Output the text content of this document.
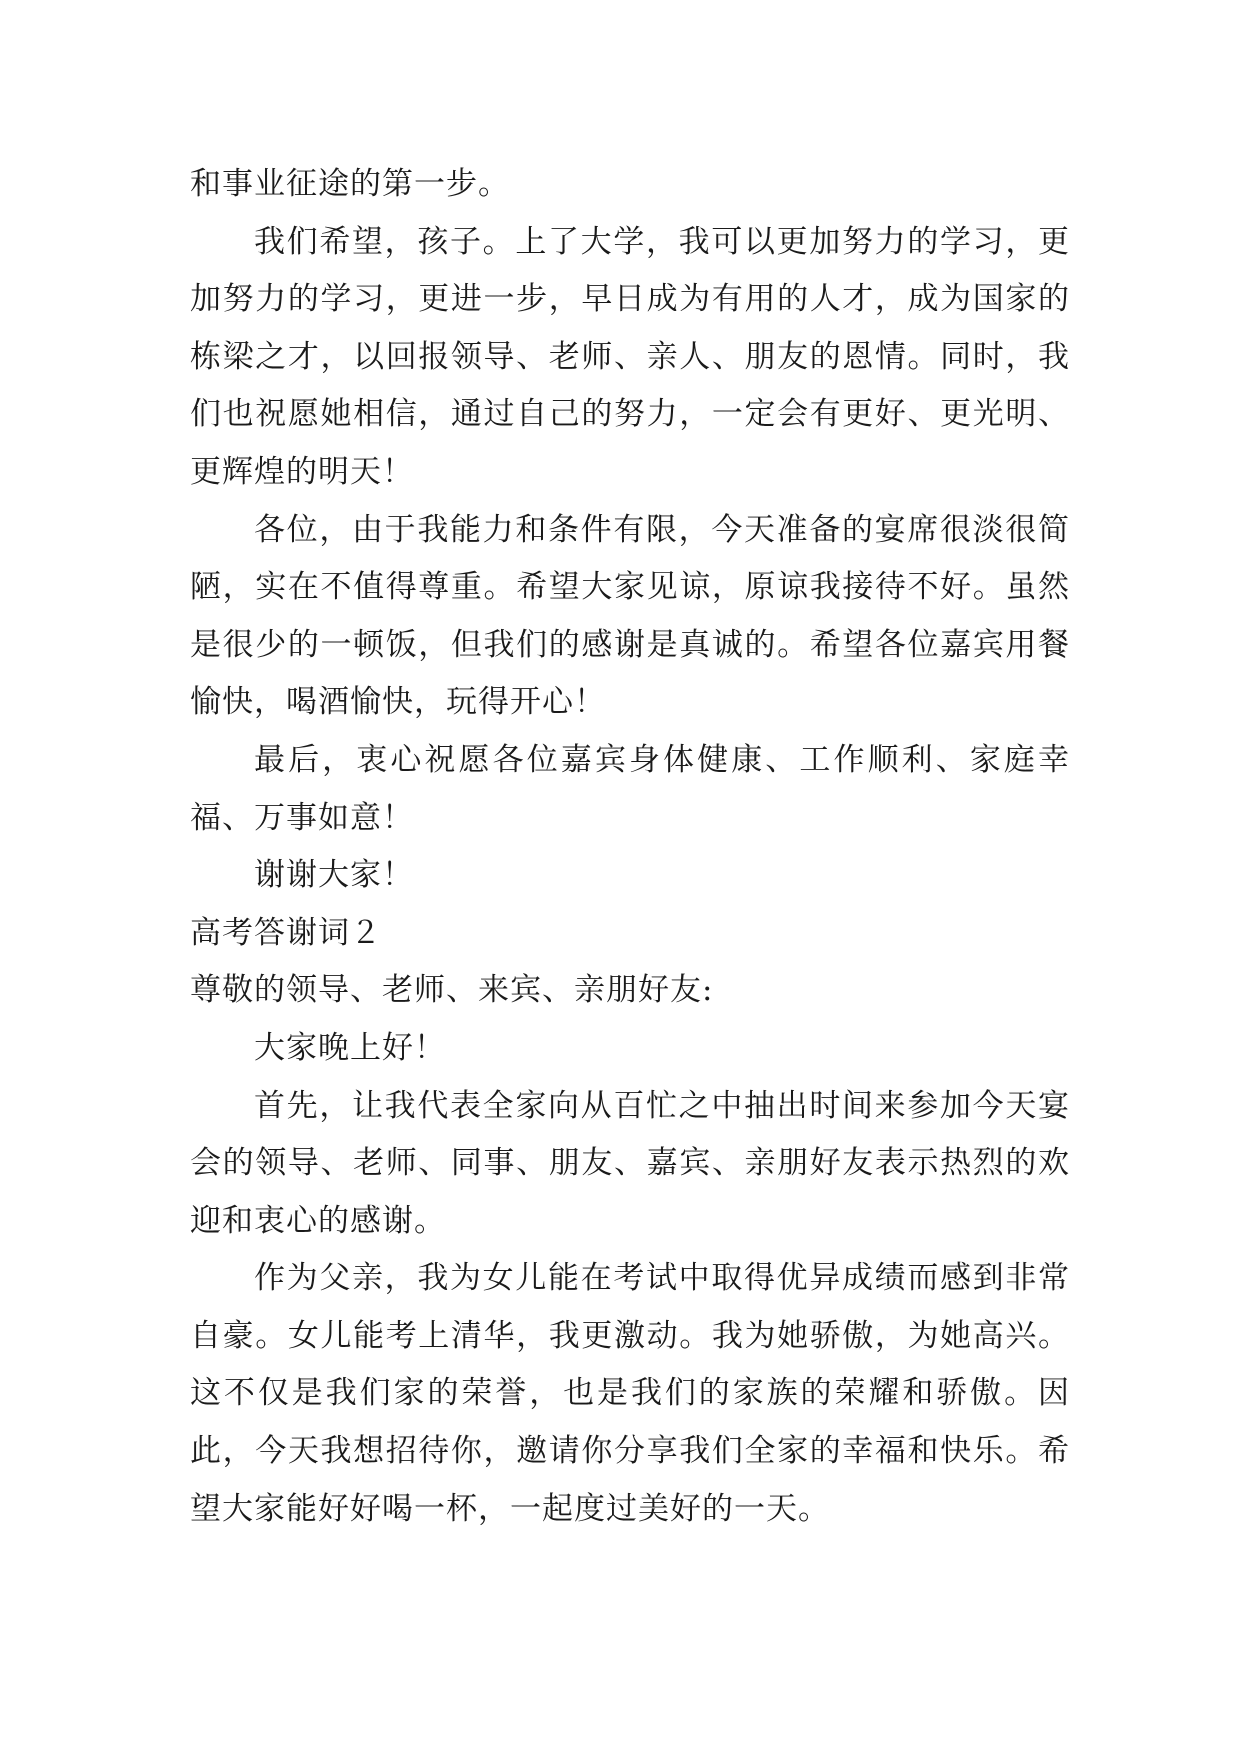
和事业征途的第一步。

我们希望，孩子。上了大学，我可以更加努力的学习，更加努力的学习，更进一步，早日成为有用的人才，成为国家的栋梁之才，以回报领导、老师、亲人、朋友的恩情。同时，我们也祝愿她相信，通过自己的努力，一定会有更好、更光明、更辉煌的明天！

各位，由于我能力和条件有限，今天准备的宴席很淡很简陋，实在不值得尊重。希望大家见谅，原谅我接待不好。虽然是很少的一顿饭，但我们的感谢是真诚的。希望各位嘉宾用餐愉快，喝酒愉快，玩得开心！

最后，衷心祝愿各位嘉宾身体健康、工作顺利、家庭幸福、万事如意！

谢谢大家！

高考答谢词２

尊敬的领导、老师、来宾、亲朋好友:

大家晚上好！

首先，让我代表全家向从百忙之中抽出时间来参加今天宴会的领导、老师、同事、朋友、嘉宾、亲朋好友表示热烈的欢迎和衷心的感谢。

作为父亲，我为女儿能在考试中取得优异成绩而感到非常自豪。女儿能考上清华，我更激动。我为她骄傲，为她高兴。这不仅是我们家的荣誉，也是我们的家族的荣耀和骄傲。因此，今天我想招待你，邀请你分享我们全家的幸福和快乐。希望大家能好好喝一杯，一起度过美好的一天。
